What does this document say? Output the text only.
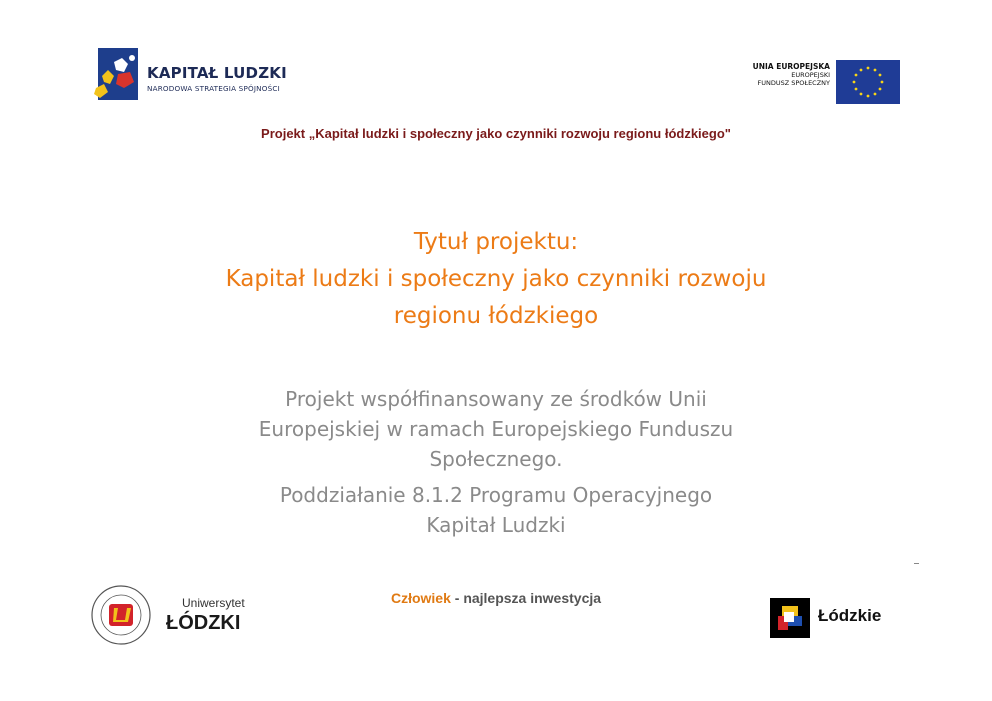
KAPITAŁ LUDZKI
NARODOWA STRATEGIA SPÓJNOŚCI
UNIA EUROPEJSKA
EUROPEJSKI
FUNDUSZ SPOŁECZNY
Projekt „Kapitał ludzki i społeczny jako czynniki rozwoju regionu łódzkiego"
Tytuł projektu:
Kapitał ludzki i społeczny jako czynniki rozwoju
regionu łódzkiego
Projekt współfinansowany ze środków Unii
Europejskiej w ramach Europejskiego Funduszu
Społecznego.
Poddziałanie 8.1.2 Programu Operacyjnego
Kapitał Ludzki
Uniwersytet
ŁÓDZKI
Człowiek - najlepsza inwestycja
Łódzkie
